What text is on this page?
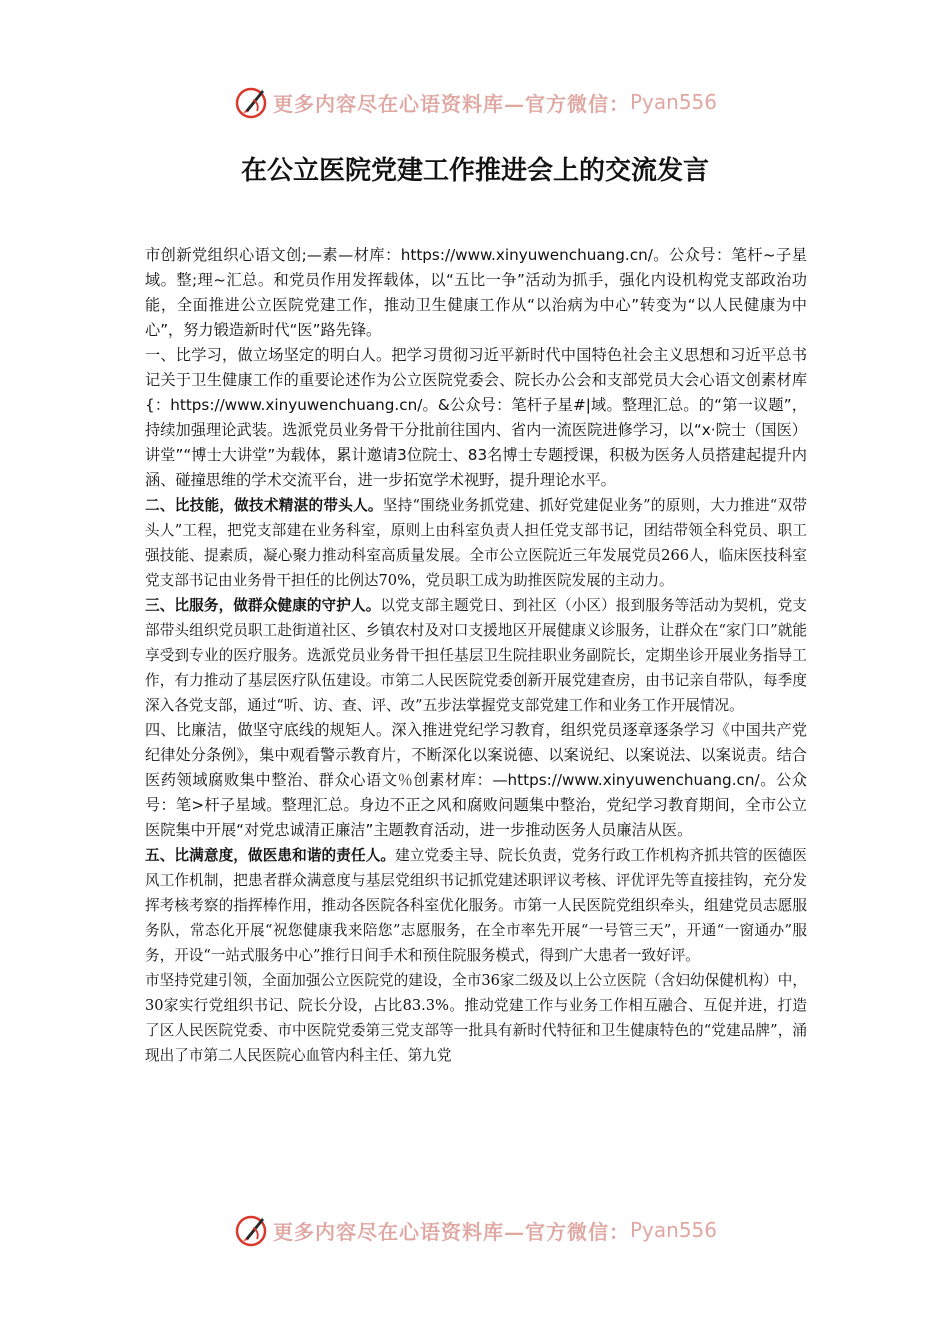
更多内容尽在心语资料库—官方微信： Pyan556
在公立医院党建工作推进会上的交流发言

市创新党组织心语文创;—素—材库：https://www.xinyuwenchuang.cn/。公众号：笔杆~子星域。整;理~汇总。和党员作用发挥载体，以“五比一争”活动为抓手，强化内设机构党支部政治功能，全面推进公立医院党建工作，推动卫生健康工作从“以治病为中心”转变为“以人民健康为中心”，努力锻造新时代“医”路先锋。

一、比学习，做立场坚定的明白人。把学习贯彻习近平新时代中国特色社会主义思想和习近平总书记关于卫生健康工作的重要论述作为公立医院党委会、院长办公会和支部党员大会心语文创素材库{：https://www.xinyuwenchuang.cn/。&公众号：笔杆子星#|域。整理汇总。的“第一议题”，持续加强理论武装。选派党员业务骨干分批前往国内、省内一流医院进修学习，以“x·院士（国医）讲堂”“博士大讲堂”为载体，累计邀请3位院士、83名博士专题授课，积极为医务人员搭建起提升内涵、碰撞思维的学术交流平台，进一步拓宽学术视野，提升理论水平。

二、比技能，做技术精湛的带头人。坚持“围绕业务抓党建、抓好党建促业务”的原则，大力推进“双带头人”工程，把党支部建在业务科室，原则上由科室负责人担任党支部书记，团结带领全科党员、职工强技能、提素质，凝心聚力推动科室高质量发展。全市公立医院近三年发展党员266人，临床医技科室党支部书记由业务骨干担任的比例达70%，党员职工成为助推医院发展的主动力。

三、比服务，做群众健康的守护人。以党支部主题党日、到社区（小区）报到服务等活动为契机，党支部带头组织党员职工赴街道社区、乡镇农村及对口支援地区开展健康义诊服务，让群众在“家门口”就能享受到专业的医疗服务。选派党员业务骨干担任基层卫生院挂职业务副院长，定期坐诊开展业务指导工作，有力推动了基层医疗队伍建设。市第二人民医院党委创新开展党建查房，由书记亲自带队，每季度深入各党支部，通过“听、访、查、评、改”五步法掌握党支部党建工作和业务工作开展情况。

四、比廉洁，做坚守底线的规矩人。深入推进党纪学习教育，组织党员逐章逐条学习《中国共产党纪律处分条例》，集中观看警示教育片，不断深化以案说德、以案说纪、以案说法、以案说责。结合医药领域腐败集中整治、群众心语文％创素材库：—https://www.xinyuwenchuang.cn/。公众号：笔>杆子星域。整理汇总。身边不正之风和腐败问题集中整治，党纪学习教育期间，全市公立医院集中开展“对党忠诚清正廉洁”主题教育活动，进一步推动医务人员廉洁从医。

五、比满意度，做医患和谐的责任人。建立党委主导、院长负责，党务行政工作机构齐抓共管的医德医风工作机制，把患者群众满意度与基层党组织书记抓党建述职评议考核、评优评先等直接挂钩，充分发挥考核考察的指挥棒作用，推动各医院各科室优化服务。市第一人民医院党组织牵头，组建党员志愿服务队，常态化开展“祝您健康我来陪您”志愿服务，在全市率先开展“一号管三天”，开通“一窗通办”服务，开设“一站式服务中心”推行日间手术和预住院服务模式，得到广大患者一致好评。

市坚持党建引领，全面加强公立医院党的建设，全市36家二级及以上公立医院（含妇幼保健机构）中，30家实行党组织书记、院长分设，占比83.3%。推动党建工作与业务工作相互融合、互促并进，打造了区人民医院党委、市中医院党委第三党支部等一批具有新时代特征和卫生健康特色的“党建品牌”，涌现出了市第二人民医院心血管内科主任、第九党

更多内容尽在心语资料库—官方微信： Pyan556
